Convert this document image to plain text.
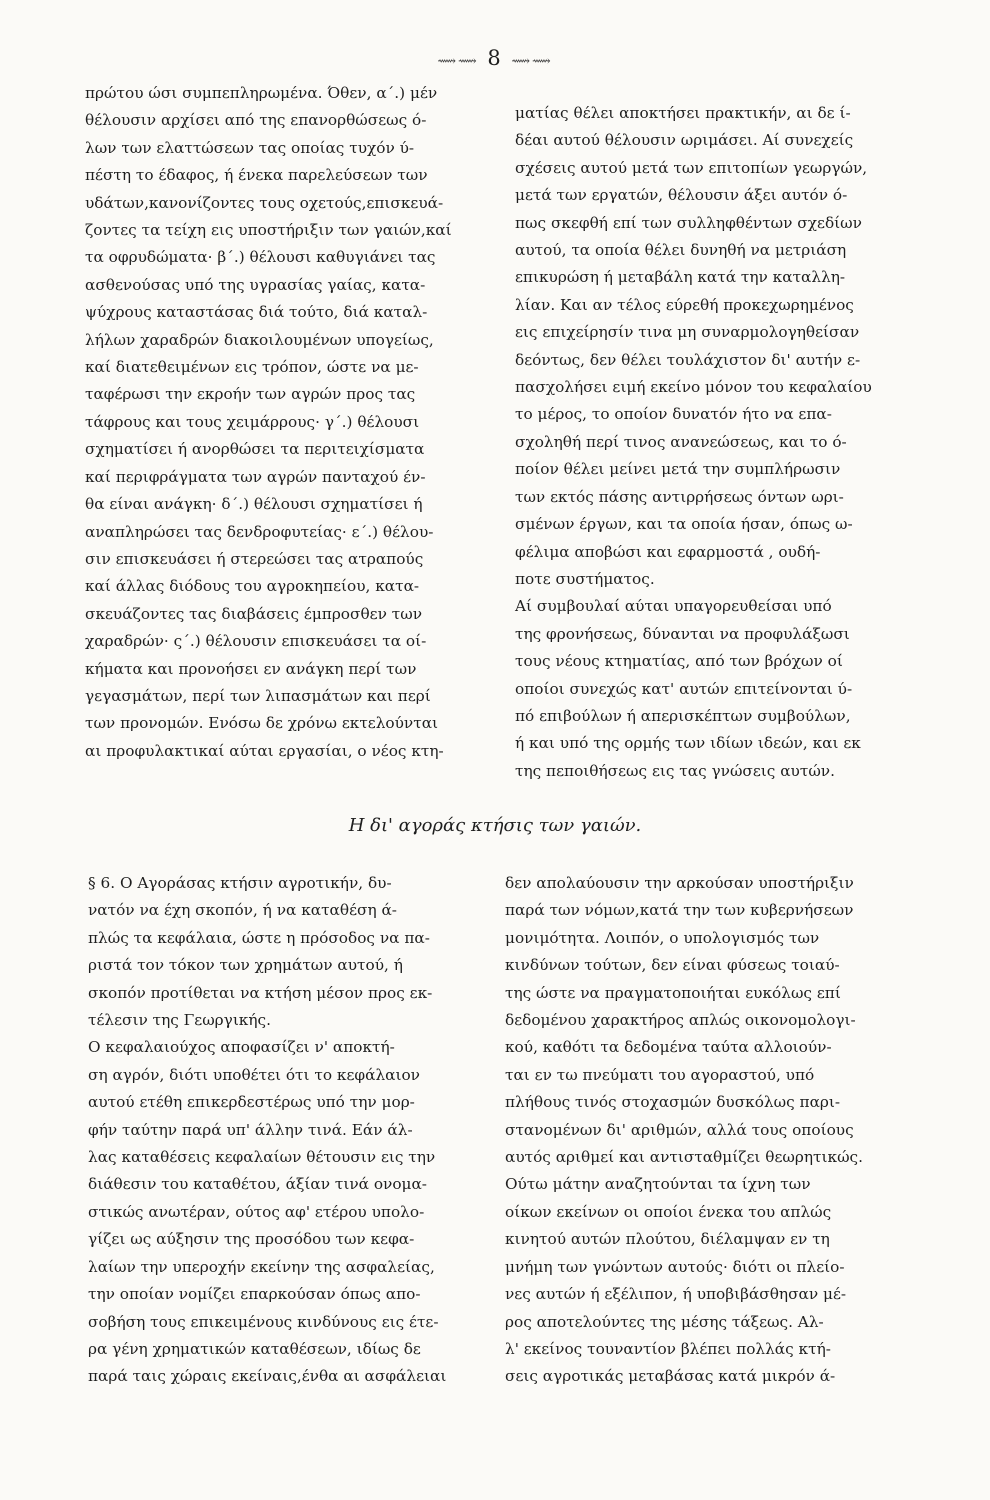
⟿⟿ 8 ⟿⟿
πρώτου ώσι συμπεπληρωμένα. Όθεν, α΄.) μέν
θέλουσιν αρχίσει από της επανορθώσεως ό-
λων των ελαττώσεων τας οποίας τυχόν ύ-
πέστη το έδαφος, ή ένεκα παρελεύσεων των
υδάτων,κανονίζοντες τους οχετούς,επισκευά-
ζοντες τα τείχη εις υποστήριξιν των γαιών,καί
τα οφρυδώματα· β΄.) θέλουσι καθυγιάνει τας
ασθενούσας υπό της υγρασίας γαίας, κατα-
ψύχρους καταστάσας διά τούτο, διά καταλ-
λήλων χαραδρών διακοιλουμένων υπογείως,
καί διατεθειμένων εις τρόπον, ώστε να με-
ταφέρωσι την εκροήν των αγρών προς τας
τάφρους και τους χειμάρρους· γ΄.) θέλουσι
σχηματίσει ή ανορθώσει τα περιτειχίσματα
καί περιφράγματα των αγρών πανταχού έν-
θα είναι ανάγκη· δ΄.) θέλουσι σχηματίσει ή
αναπληρώσει τας δενδροφυτείας· ε΄.) θέλου-
σιν επισκευάσει ή στερεώσει τας ατραπούς
καί άλλας διόδους του αγροκηπείου, κατα-
σκευάζοντες τας διαβάσεις έμπροσθεν των
χαραδρών· ς΄.) θέλουσιν επισκευάσει τα οί-
κήματα και προνοήσει εν ανάγκη περί των
γεγασμάτων, περί των λιπασμάτων και περί
των προνομών. Ενόσω δε χρόνω εκτελούνται
αι προφυλακτικαί αύται εργασίαι, ο νέος κτη-
ματίας θέλει αποκτήσει πρακτικήν, αι δε ί-
δέαι αυτού θέλουσιν ωριμάσει. Αί συνεχείς
σχέσεις αυτού μετά των επιτοπίων γεωργών,
μετά των εργατών, θέλουσιν άξει αυτόν ό-
πως σκεφθή επί των συλληφθέντων σχεδίων
αυτού, τα οποία θέλει δυνηθή να μετριάση
επικυρώση ή μεταβάλη κατά την καταλλη-
λίαν. Και αν τέλος εύρεθή προκεχωρημένος
εις επιχείρησίν τινα μη συναρμολογηθείσαν
δεόντως, δεν θέλει τουλάχιστον δι' αυτήν ε-
πασχολήσει ειμή εκείνο μόνον του κεφαλαίου
το μέρος, το οποίον δυνατόν ήτο να επα-
σχοληθή περί τινος ανανεώσεως, και το ό-
ποίον θέλει μείνει μετά την συμπλήρωσιν
των εκτός πάσης αντιρρήσεως όντων ωρι-
σμένων έργων, και τα οποία ήσαν, όπως ω-
φέλιμα αποβώσι και εφαρμοστά , ουδή-
ποτε συστήματος.
Αί συμβουλαί αύται υπαγορευθείσαι υπό
της φρονήσεως, δύνανται να προφυλάξωσι
τους νέους κτηματίας, από των βρόχων οί
οποίοι συνεχώς κατ' αυτών επιτείνονται ύ-
πό επιβούλων ή απερισκέπτων συμβούλων,
ή και υπό της ορμής των ιδίων ιδεών, και εκ
της πεποιθήσεως εις τας γνώσεις αυτών.
Η δι' αγοράς κτήσις των γαιών.
§ 6. Ο Αγοράσας κτήσιν αγροτικήν, δυ-
νατόν να έχη σκοπόν, ή να καταθέση ά-
πλώς τα κεφάλαια, ώστε η πρόσοδος να πα-
ριστά τον τόκον των χρημάτων αυτού, ή
σκοπόν προτίθεται να κτήση μέσον προς εκ-
τέλεσιν της Γεωργικής.
Ο κεφαλαιούχος αποφασίζει ν' αποκτή-
ση αγρόν, διότι υποθέτει ότι το κεφάλαιον
αυτού ετέθη επικερδεστέρως υπό την μορ-
φήν ταύτην παρά υπ' άλλην τινά. Εάν άλ-
λας καταθέσεις κεφαλαίων θέτουσιν εις την
διάθεσιν του καταθέτου, άξίαν τινά ονομα-
στικώς ανωτέραν, ούτος αφ' ετέρου υπολο-
γίζει ως αύξησιν της προσόδου των κεφα-
λαίων την υπεροχήν εκείνην της ασφαλείας,
την οποίαν νομίζει επαρκούσαν όπως απο-
σοβήση τους επικειμένους κινδύνους εις έτε-
ρα γένη χρηματικών καταθέσεων, ιδίως δε
παρά ταις χώραις εκείναις,ένθα αι ασφάλειαι
δεν απολαύουσιν την αρκούσαν υποστήριξιν
παρά των νόμων,κατά την των κυβερνήσεων
μονιμότητα. Λοιπόν, ο υπολογισμός των
κινδύνων τούτων, δεν είναι φύσεως τοιαύ-
της ώστε να πραγματοποιήται ευκόλως επί
δεδομένου χαρακτήρος απλώς οικονομολογι-
κού, καθότι τα δεδομένα ταύτα αλλοιούν-
ται εν τω πνεύματι του αγοραστού, υπό
πλήθους τινός στοχασμών δυσκόλως παρι-
στανομένων δι' αριθμών, αλλά τους οποίους
αυτός αριθμεί και αντισταθμίζει θεωρητικώς.
Ούτω μάτην αναζητούνται τα ίχνη των
οίκων εκείνων οι οποίοι ένεκα του απλώς
κινητού αυτών πλούτου, διέλαμψαν εν τη
μνήμη των γνώντων αυτούς· διότι οι πλείο-
νες αυτών ή εξέλιπον, ή υποβιβάσθησαν μέ-
ρος αποτελούντες της μέσης τάξεως. Αλ-
λ' εκείνος τουναντίον βλέπει πολλάς κτή-
σεις αγροτικάς μεταβάσας κατά μικρόν ά-
